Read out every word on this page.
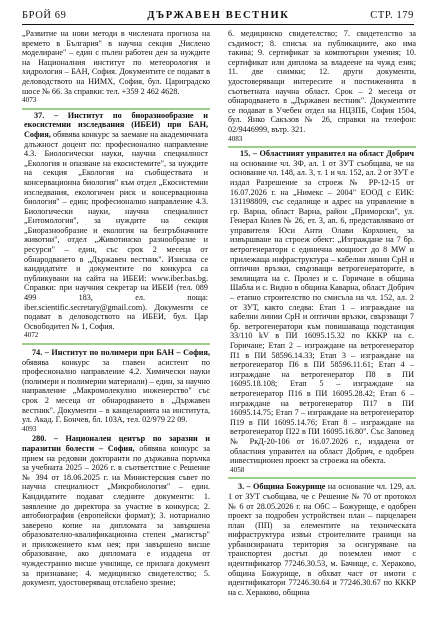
БРОЙ 69	ДЪРЖАВЕН ВЕСТНИК	СТР. 179

„Развитие на нови методи в числената прогноза на времето в България" в научна секция „Числено моделиране" – един с пълен работен ден за нуждите на Националния институт по метеорология и хидрология – БАН, София. Документите се подават в деловодството на НИМХ, София, бул. Цариградско шосе № 66. За справки: тел. +359 2 462 4628.

4073

37. – Институт по биоразнообразие и екосистемни изследвания (ИБЕИ) при БАН, София, обявява конкурс за заемане на академичната длъжност доцент по: професионално направление 4.3. Биологически науки, научна специалност „Екология и опазване на екосистемите", за нуждите на секция „Екология на съобществата и консервационна биология" към отдел „Екосистемни изследвания, екологичен риск и консервационна биология" – един; професионално направление 4.3. Биологически науки, научна специалност „Ентомология", за нуждите на секция „Биоразнообразие и екология на безгръбначните животни", отдел „Животинско разнообразие и ресурси" – един, със срок 2 месеца от обнародването в „Държавен вестник". Изисква се кандидатите и документите по конкурса са публикувани на сайта на ИБЕИ: www.iber.bas.bg. Справки: при научния секретар на ИБЕИ (тел. 089 499 183, ел. поща: iber.scientific.secretary@gmail.com). Документи се подават в деловодството на ИБЕИ, бул. Цар Освободител № 1, София.

4072

74. – Институт по полимери при БАН – София, обявява конкурс за главен асистент по професионално направление 4.2. Химически науки (полимери и полимерни материали) – един, за научно направление „Макромолекулно инженерство" със срок 2 месеца от обнародването в „Държавен вестник". Документи – в канцеларията на института, ул. Акад. Г. Бончев, бл. 103А, тел. 02/979 22 09.

4093

280. – Национален център по заразни и паразитни болести – София, обявява конкурс за прием на редовни докторанти по държавна поръчка за учебната 2025 – 2026 г. в съответствие с Решение № 394 от 18.06.2025 г. на Министерския съвет по научна специалност „Микробиология" – един. Кандидатите подават следните документи: 1. заявление до директора за участие в конкурса; 2. автобиография (европейски формат); 3. нотариално заверено копие на дипломата за завършена образователно-квалификационна степен „магистър" и приложението към нея; при завършено висше образование, ако дипломата е издадена от чуждестранно висше училище, се прилага документ за признаване; 4. медицинско свидетелство; 5. документ, удостоверяващ отслабено зрение;

6. медицинско свидетелство; 7. свидетелство за съдимост; 8. списък на публикациите, ако има такива; 9. сертификат за компютърни умения; 10. сертификат или диплома за владеене на чужд език; 11. две снимки; 12. други документи, удостоверяващи интересите и постиженията в съответната научна област. Срок – 2 месеца от обнародването в „Държавен вестник". Документите се подават в Учебен отдел на НЦЗПБ, София 1504, бул. Янко Сакъзов № 26, справки на телефон: 02/9446999, вътр. 321.

4083

15. – Областният управител на област Добрич на основание чл. 3Ф, ал. 1 от ЗУТ съобщава, че на основание чл. 148, ал. 3, т. 1 и чл. 152, ал. 2 от ЗУТ е издал Разрешение за строеж № РР-12-15 от 16.07.2026 г. на „Нимекс – 2004" ЕООД с ЕИК: 131198809, със седалище и адрес на управление в гр. Варна, област Варна, район „Приморски", ул. Генерал Колев № 26, ет. 3, ап. 6, представлявано от управителя Юси Анти Олави Корхонен, за извършване на строеж обект: „Изграждане на 7 бр. ветрогенератори с единична мощност до 8 MW и прилежаща инфраструктура – кабелни линии СрН и оптични връзки, свързващи ветрогенераторите, в землищата на с. Пролез и с. Горичане в община Шабла и с. Видно в община Каварна, област Добрич – етапно строителство по смисъла на чл. 152, ал. 2 от ЗУТ, както следва: Етап 1 – изграждане на кабелни линии СрН и оптични връзки, свързващи 7 бр. ветрогенератори към повишаваща подстанция 33/110 kV в ПИ 16095.15.32 по КККР на с. Горичане; Етап 2 – изграждане на ветрогенератор П1 в ПИ 58596.14.33; Етап 3 – изграждане на ветрогенератор П6 в ПИ 58596.11.61; Етап 4 – изграждане на ветрогенератор П8 в ПИ 16095.18.108; Етап 5 – изграждане на ветрогенератор П16 в ПИ 16095.28.42; Етап 6 – изграждане на ветрогенератор П17 в ПИ 16095.14.75; Етап 7 – изграждане на ветрогенератор П19 в ПИ 16095.14.76; Етап 8 – изграждане на ветрогенератор П22 в ПИ 16095.16.80". Със Заповед № РкД-20-106 от 16.07.2026 г., издадена от областния управител на област Добрич, е одобрен инвестиционен проект за строежа на обекта.

4058

3. – Община Божурище на основание чл. 129, ал. 1 от ЗУТ съобщава, че с Решение № 70 от протокол № 6 от 28.05.2026 г. на ОбС – Божурище, е одобрен проект за подробен устройствен план – парцеларен план (ПП) за елементите на техническата инфраструктура извън строителните граници на урбанизираната територия за осигуряване на транспортен достъп до поземлен имот с идентификатор 77246.30.53, м. Бачище, с. Хераково, община Божурище, в обхват част от имоти с идентификатори 77246.30.64 и 77246.30.67 по КККР на с. Хераково, община
